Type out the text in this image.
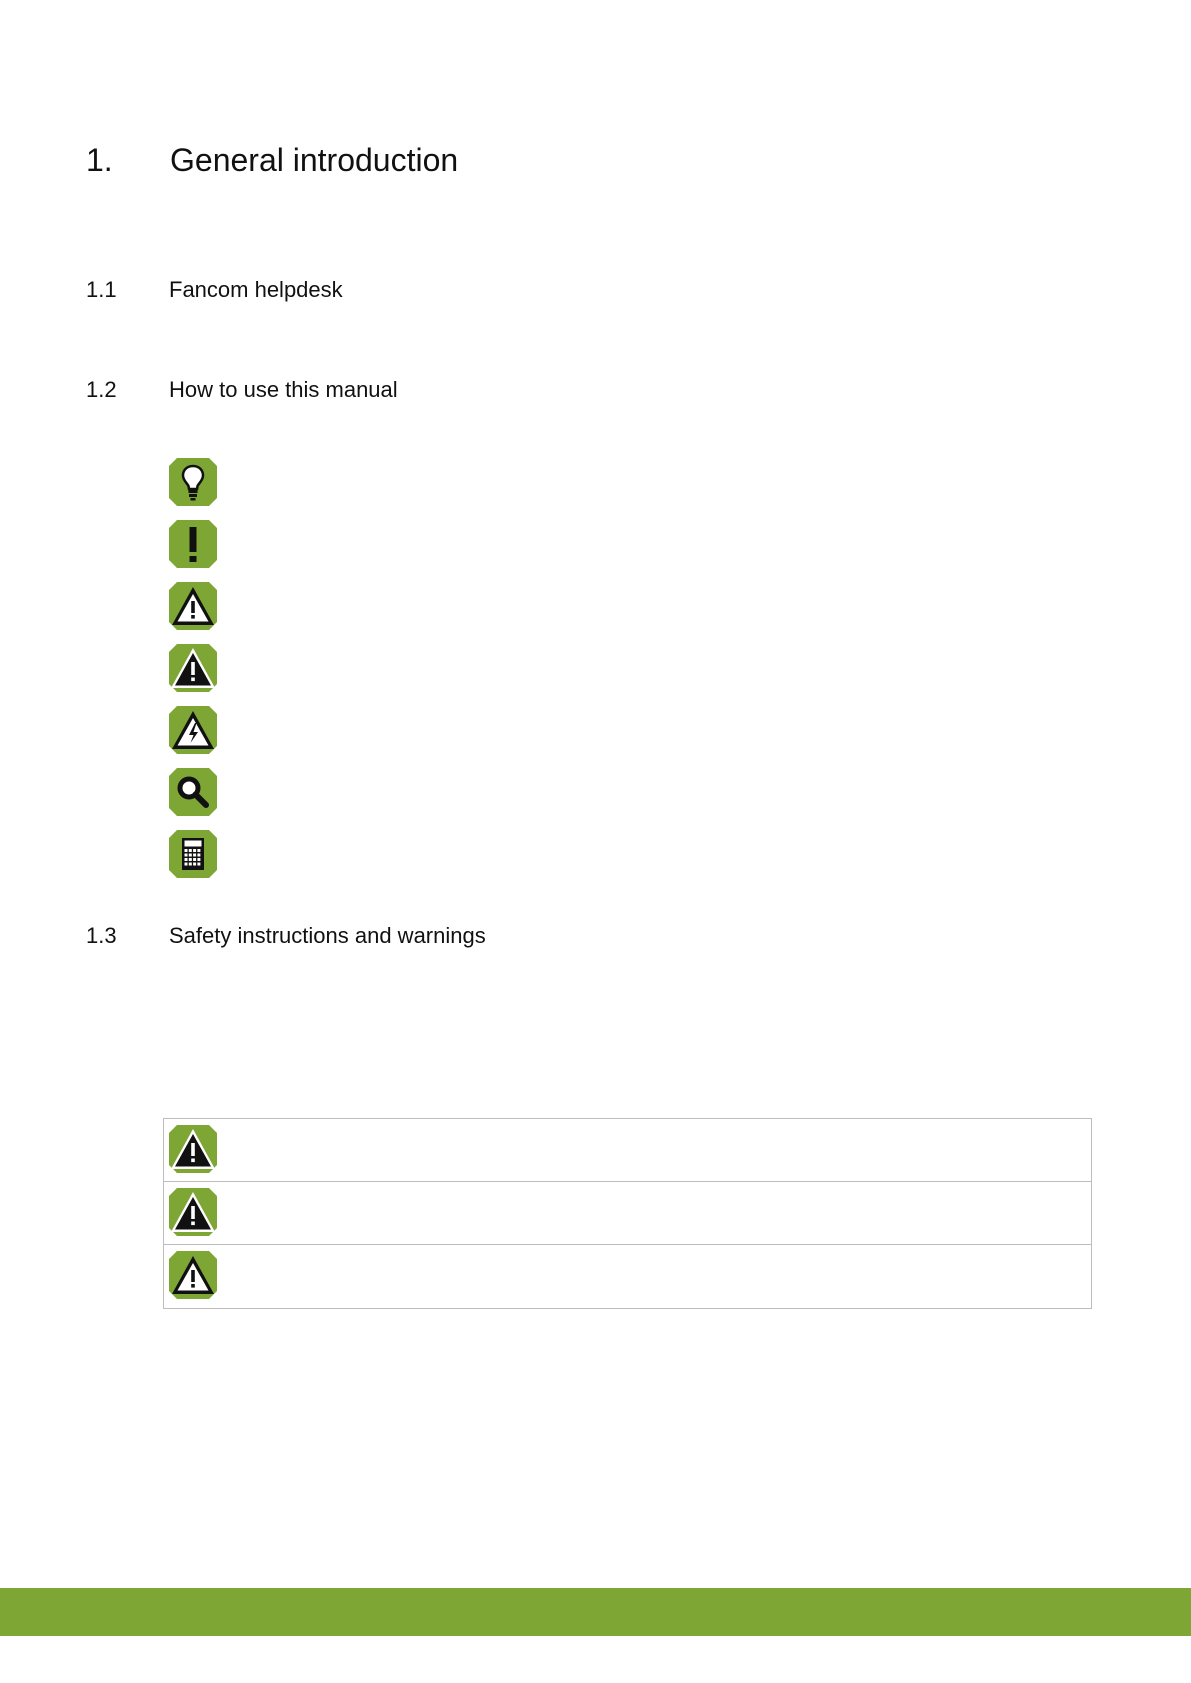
1.	General introduction
1.1	Fancom helpdesk
1.2	How to use this manual
1.3	Safety instructions and warnings
